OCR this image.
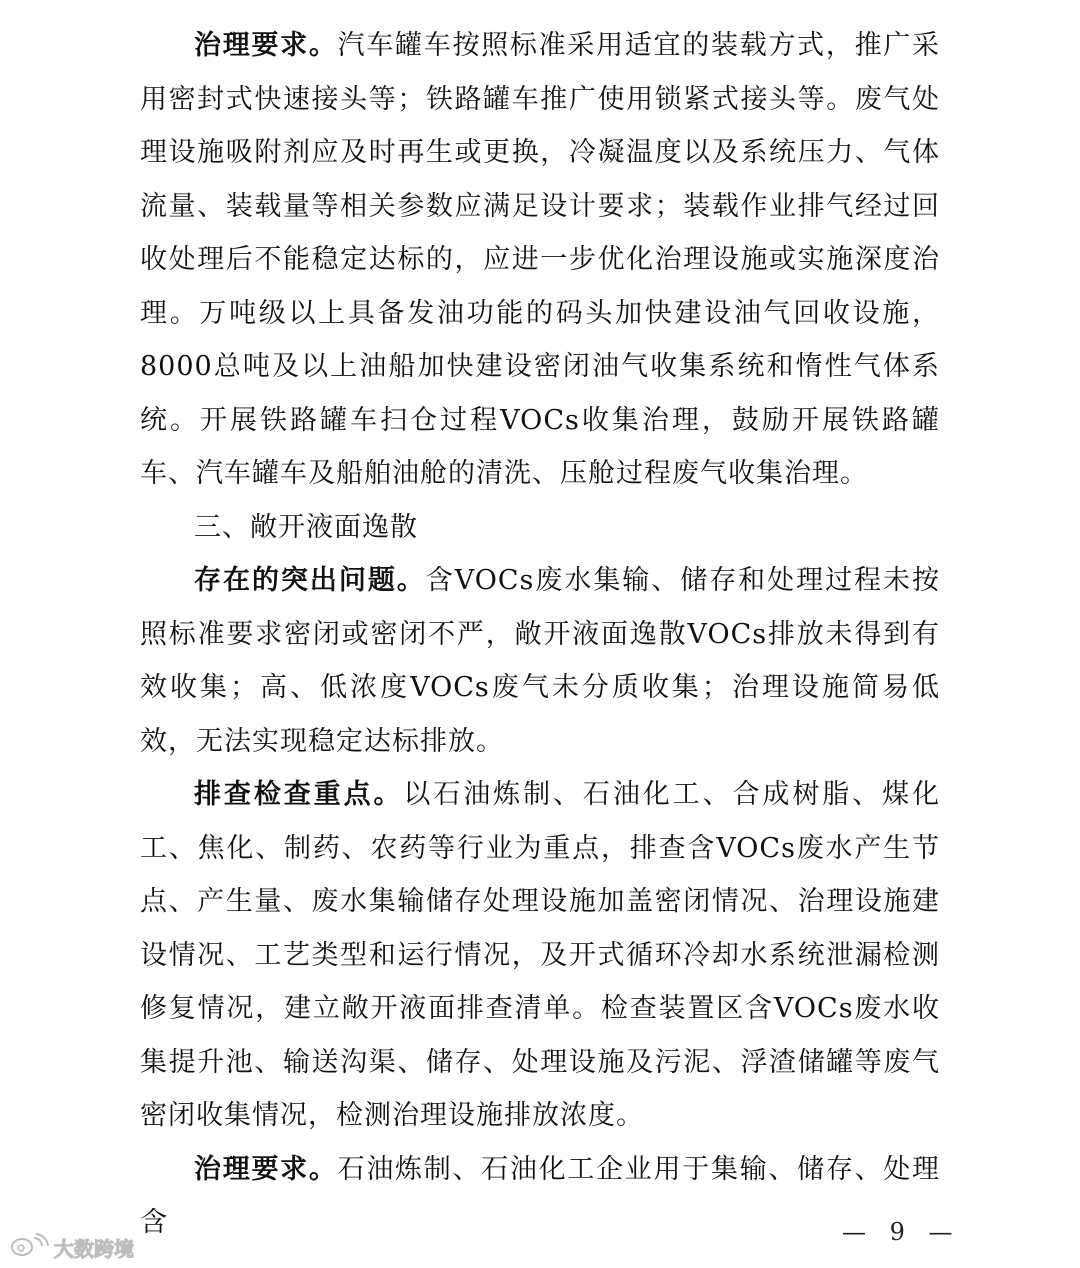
治理要求。汽车罐车按照标准采用适宜的装载方式，推广采用密封式快速接头等；铁路罐车推广使用锁紧式接头等。废气处理设施吸附剂应及时再生或更换，冷凝温度以及系统压力、气体流量、装载量等相关参数应满足设计要求；装载作业排气经过回收处理后不能稳定达标的，应进一步优化治理设施或实施深度治理。万吨级以上具备发油功能的码头加快建设油气回收设施，8000总吨及以上油船加快建设密闭油气收集系统和惰性气体系统。开展铁路罐车扫仓过程VOCs收集治理，鼓励开展铁路罐车、汽车罐车及船舶油舱的清洗、压舱过程废气收集治理。

三、敞开液面逸散

存在的突出问题。含VOCs废水集输、储存和处理过程未按照标准要求密闭或密闭不严，敞开液面逸散VOCs排放未得到有效收集；高、低浓度VOCs废气未分质收集；治理设施简易低效，无法实现稳定达标排放。

排查检查重点。以石油炼制、石油化工、合成树脂、煤化工、焦化、制药、农药等行业为重点，排查含VOCs废水产生节点、产生量、废水集输储存处理设施加盖密闭情况、治理设施建设情况、工艺类型和运行情况，及开式循环冷却水系统泄漏检测修复情况，建立敞开液面排查清单。检查装置区含VOCs废水收集提升池、输送沟渠、储存、处理设施及污泥、浮渣储罐等废气密闭收集情况，检测治理设施排放浓度。

治理要求。石油炼制、石油化工企业用于集输、储存、处理含	— 9 —
大数跨境
